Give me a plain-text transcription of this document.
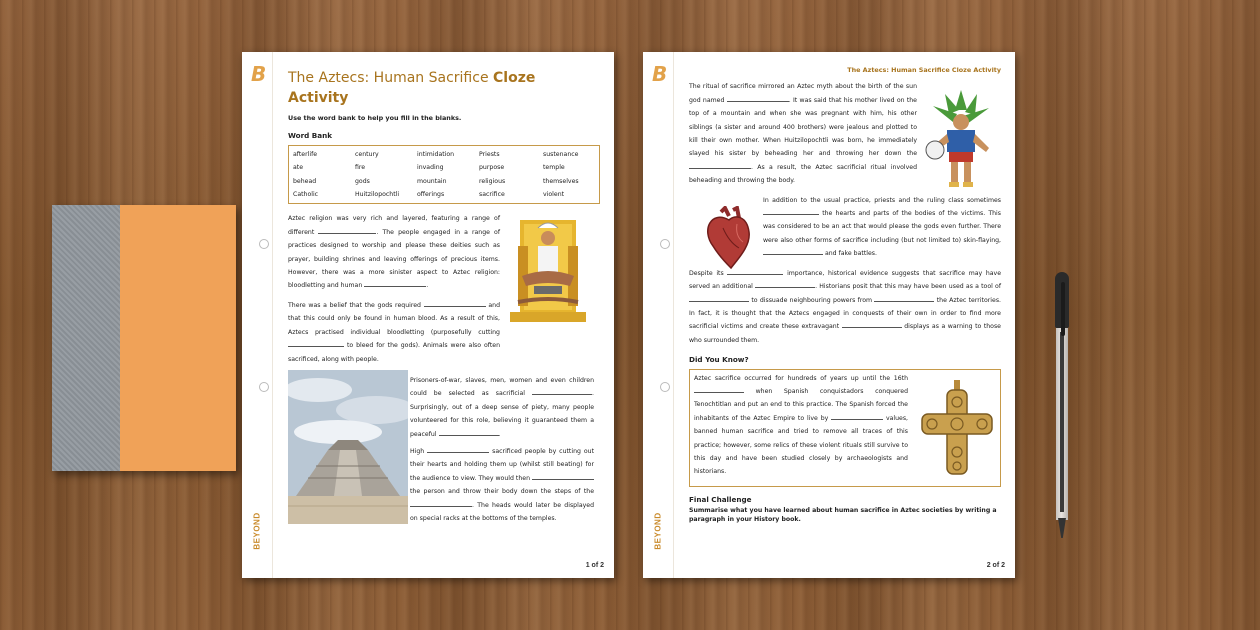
B
BEYOND
1 of 2
The Aztecs: Human Sacrifice Cloze Activity
Use the word bank to help you fill in the blanks.
Word Bank
afterlife	century	intimidation	Priests	sustenance
ate	fire	invading	purpose	temple
behead	gods	mountain	religious	themselves
Catholic	Huitzilopochtli	offerings	sacrifice	violent
Aztec religion was very rich and layered, featuring a range of different	. The people engaged in a range of practices designed to worship and please these deities such as prayer, building shrines and leaving offerings of precious items. However, there was a more sinister aspect to Aztec religion: bloodletting and human	.
There was a belief that the gods required	and that this could only be found in human blood. As a result of this, Aztecs practised individual bloodletting (purposefully cutting  to bleed for the gods). Animals were also often sacrificed, along with people.
Prisoners-of-war, slaves, men, women and even children could be selected as sacrificial	. Surprisingly, out of a deep sense of piety, many people volunteered for this role, believing it guaranteed them a peaceful	.
High	sacrificed people by cutting out their hearts and holding them up (whilst still beating) for the audience to view. They would then  the person and throw their body down the steps of the . The heads would later be displayed on special racks at the bottoms of the temples.
B
BEYOND
2 of 2
The Aztecs: Human Sacrifice Cloze Activity
The ritual of sacrifice mirrored an Aztec myth about the birth of the sun god named	. It was said that his mother lived on the top of a mountain and when she was pregnant with him, his other siblings (a sister and around 400 brothers) were jealous and plotted to kill their own mother. When Huitzilopochtli was born, he immediately slayed his sister by beheading her and throwing her down the . As a result, the Aztec sacrificial ritual involved beheading and throwing the body.
In addition to the usual practice, priests and the ruling class sometimes  the hearts and parts of the bodies of the victims. This was considered to be an act that would please the gods even further. There were also other forms of sacrifice including (but not limited to) skin-flaying,  and fake battles.
Despite its	importance, historical evidence suggests that sacrifice may have served an additional	. Historians posit that this may have been used as a tool of  to dissuade neighbouring powers from	the Aztec territories. In fact, it is thought that the Aztecs engaged in conquests of their own in order to find more sacrificial victims and create these extravagant	displays as a warning to those who surrounded them.
Did You Know?
Aztec sacrifice occurred for hundreds of years up until the 16th  when Spanish conquistadors conquered Tenochtitlan and put an end to this practice. The Spanish forced the inhabitants of the Aztec Empire to live by	values, banned human sacrifice and tried to remove all traces of this practice; however, some relics of these violent rituals still survive to this day and have been studied closely by archaeologists and historians.
Final Challenge
Summarise what you have learned about human sacrifice in Aztec societies by writing a paragraph in your History book.
